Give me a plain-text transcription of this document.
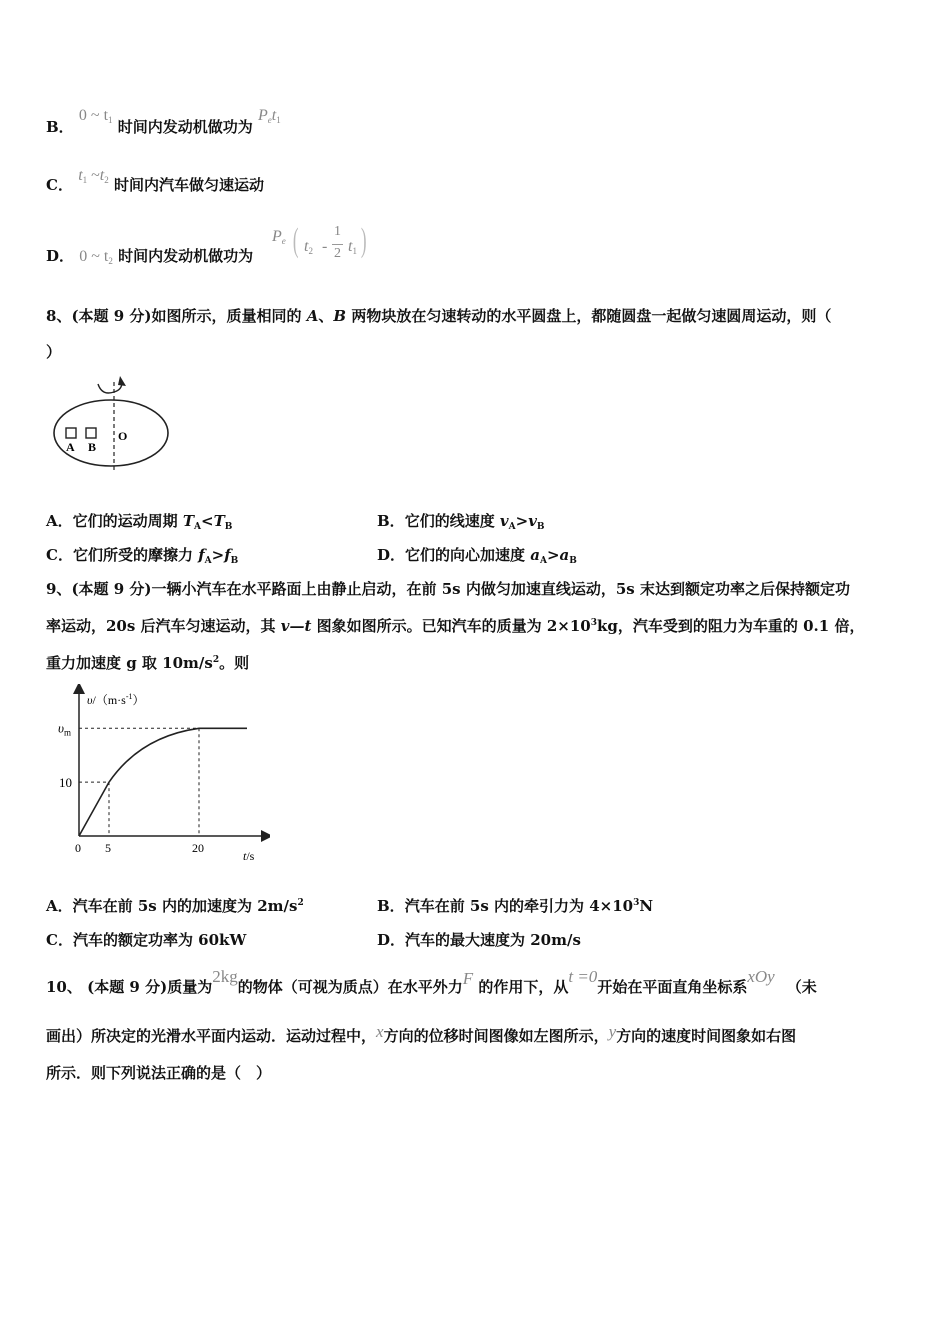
B． 0 ~ $t_1$ 时间内发动机做功为 $P_et_1$
C． $t_1$ $\sim t_2$ 时间内汽车做匀速运动
D． 0 ~ $t_2$ 时间内发动机做功为
$P_e$ ( $t_2$ -
1
2 $t_1$ )
8、(本题 9 分)如图所示，质量相同的 A、B 两物块放在匀速转动的水平圆盘上，都随圆盘一起做匀速圆周运动，则（
）
A B
O
A．它们的运动周期 $T_A<T_B$	B．它们的线速度 $v_A>v_B$
C．它们所受的摩擦力 $f_A>f_B$	D．它们的向心加速度 $a_A>a_B$
9、(本题 9 分)一辆小汽车在水平路面上由静止启动，在前 5s 内做匀加速直线运动，5s 末达到额定功率之后保持额定功
率运动，20s 后汽车匀速运动，其 v—t 图象如图所示。已知汽车的质量为 $2\times 10^3kg$，汽车受到的阻力为车重的 0.1 倍，
重力加速度 g 取 $10m/s^2$。则
$\upsilon/(m\cdot s^{-1})$
t/s
$\upsilon_m$
10
0 5	20
A．汽车在前 5s 内的加速度为 $2m/s^2$	B．汽车在前 5s 内的牵引力为 $4\times 10^3N$
C．汽车的额定功率为 60kW	D．汽车的最大速度为 20m/s
10、 (本题 9 分)质量为2kg的物体（可视为质点）在水平外力F 的作用下，从t =0开始在平面直角坐标系xOy（未
画出）所决定的光滑水平面内运动．运动过程中，x方向的位移时间图像如左图所示，y方向的速度时间图象如右图
所示．则下列说法正确的是（　）
